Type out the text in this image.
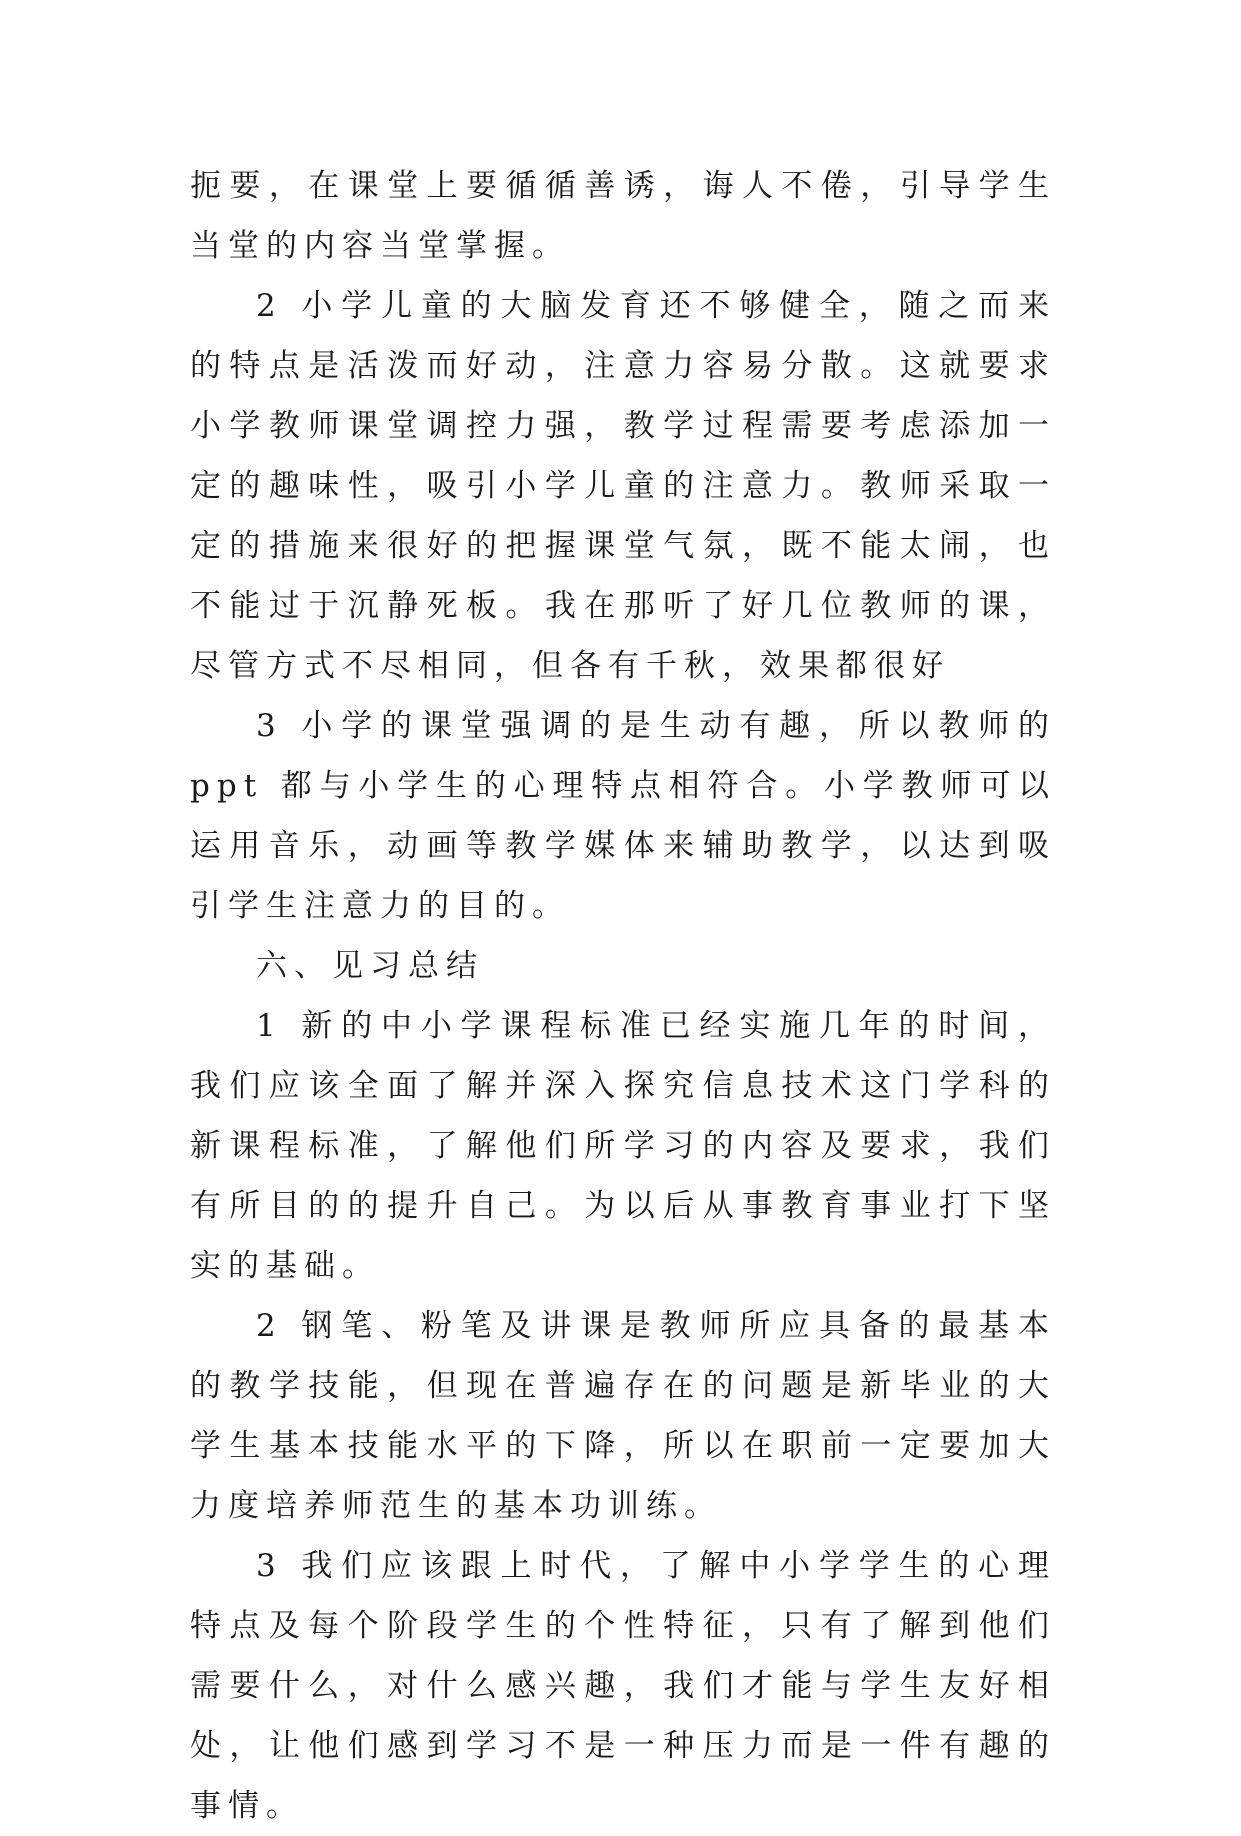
扼要，在课堂上要循循善诱，诲人不倦，引导学生当堂的内容当堂掌握。

2 小学儿童的大脑发育还不够健全，随之而来的特点是活泼而好动，注意力容易分散。这就要求小学教师课堂调控力强，教学过程需要考虑添加一定的趣味性，吸引小学儿童的注意力。教师采取一定的措施来很好的把握课堂气氛，既不能太闹，也不能过于沉静死板。我在那听了好几位教师的课，尽管方式不尽相同，但各有千秋，效果都很好

3 小学的课堂强调的是生动有趣，所以教师的 ppt 都与小学生的心理特点相符合。小学教师可以运用音乐，动画等教学媒体来辅助教学，以达到吸引学生注意力的目的。

六、见习总结

1 新的中小学课程标准已经实施几年的时间，我们应该全面了解并深入探究信息技术这门学科的新课程标准，了解他们所学习的内容及要求，我们有所目的的提升自己。为以后从事教育事业打下坚实的基础。

2 钢笔、粉笔及讲课是教师所应具备的最基本的教学技能，但现在普遍存在的问题是新毕业的大学生基本技能水平的下降，所以在职前一定要加大力度培养师范生的基本功训练。

3 我们应该跟上时代，了解中小学学生的心理特点及每个阶段学生的个性特征，只有了解到他们需要什么，对什么感兴趣，我们才能与学生友好相处，让他们感到学习不是一种压力而是一件有趣的事情。
